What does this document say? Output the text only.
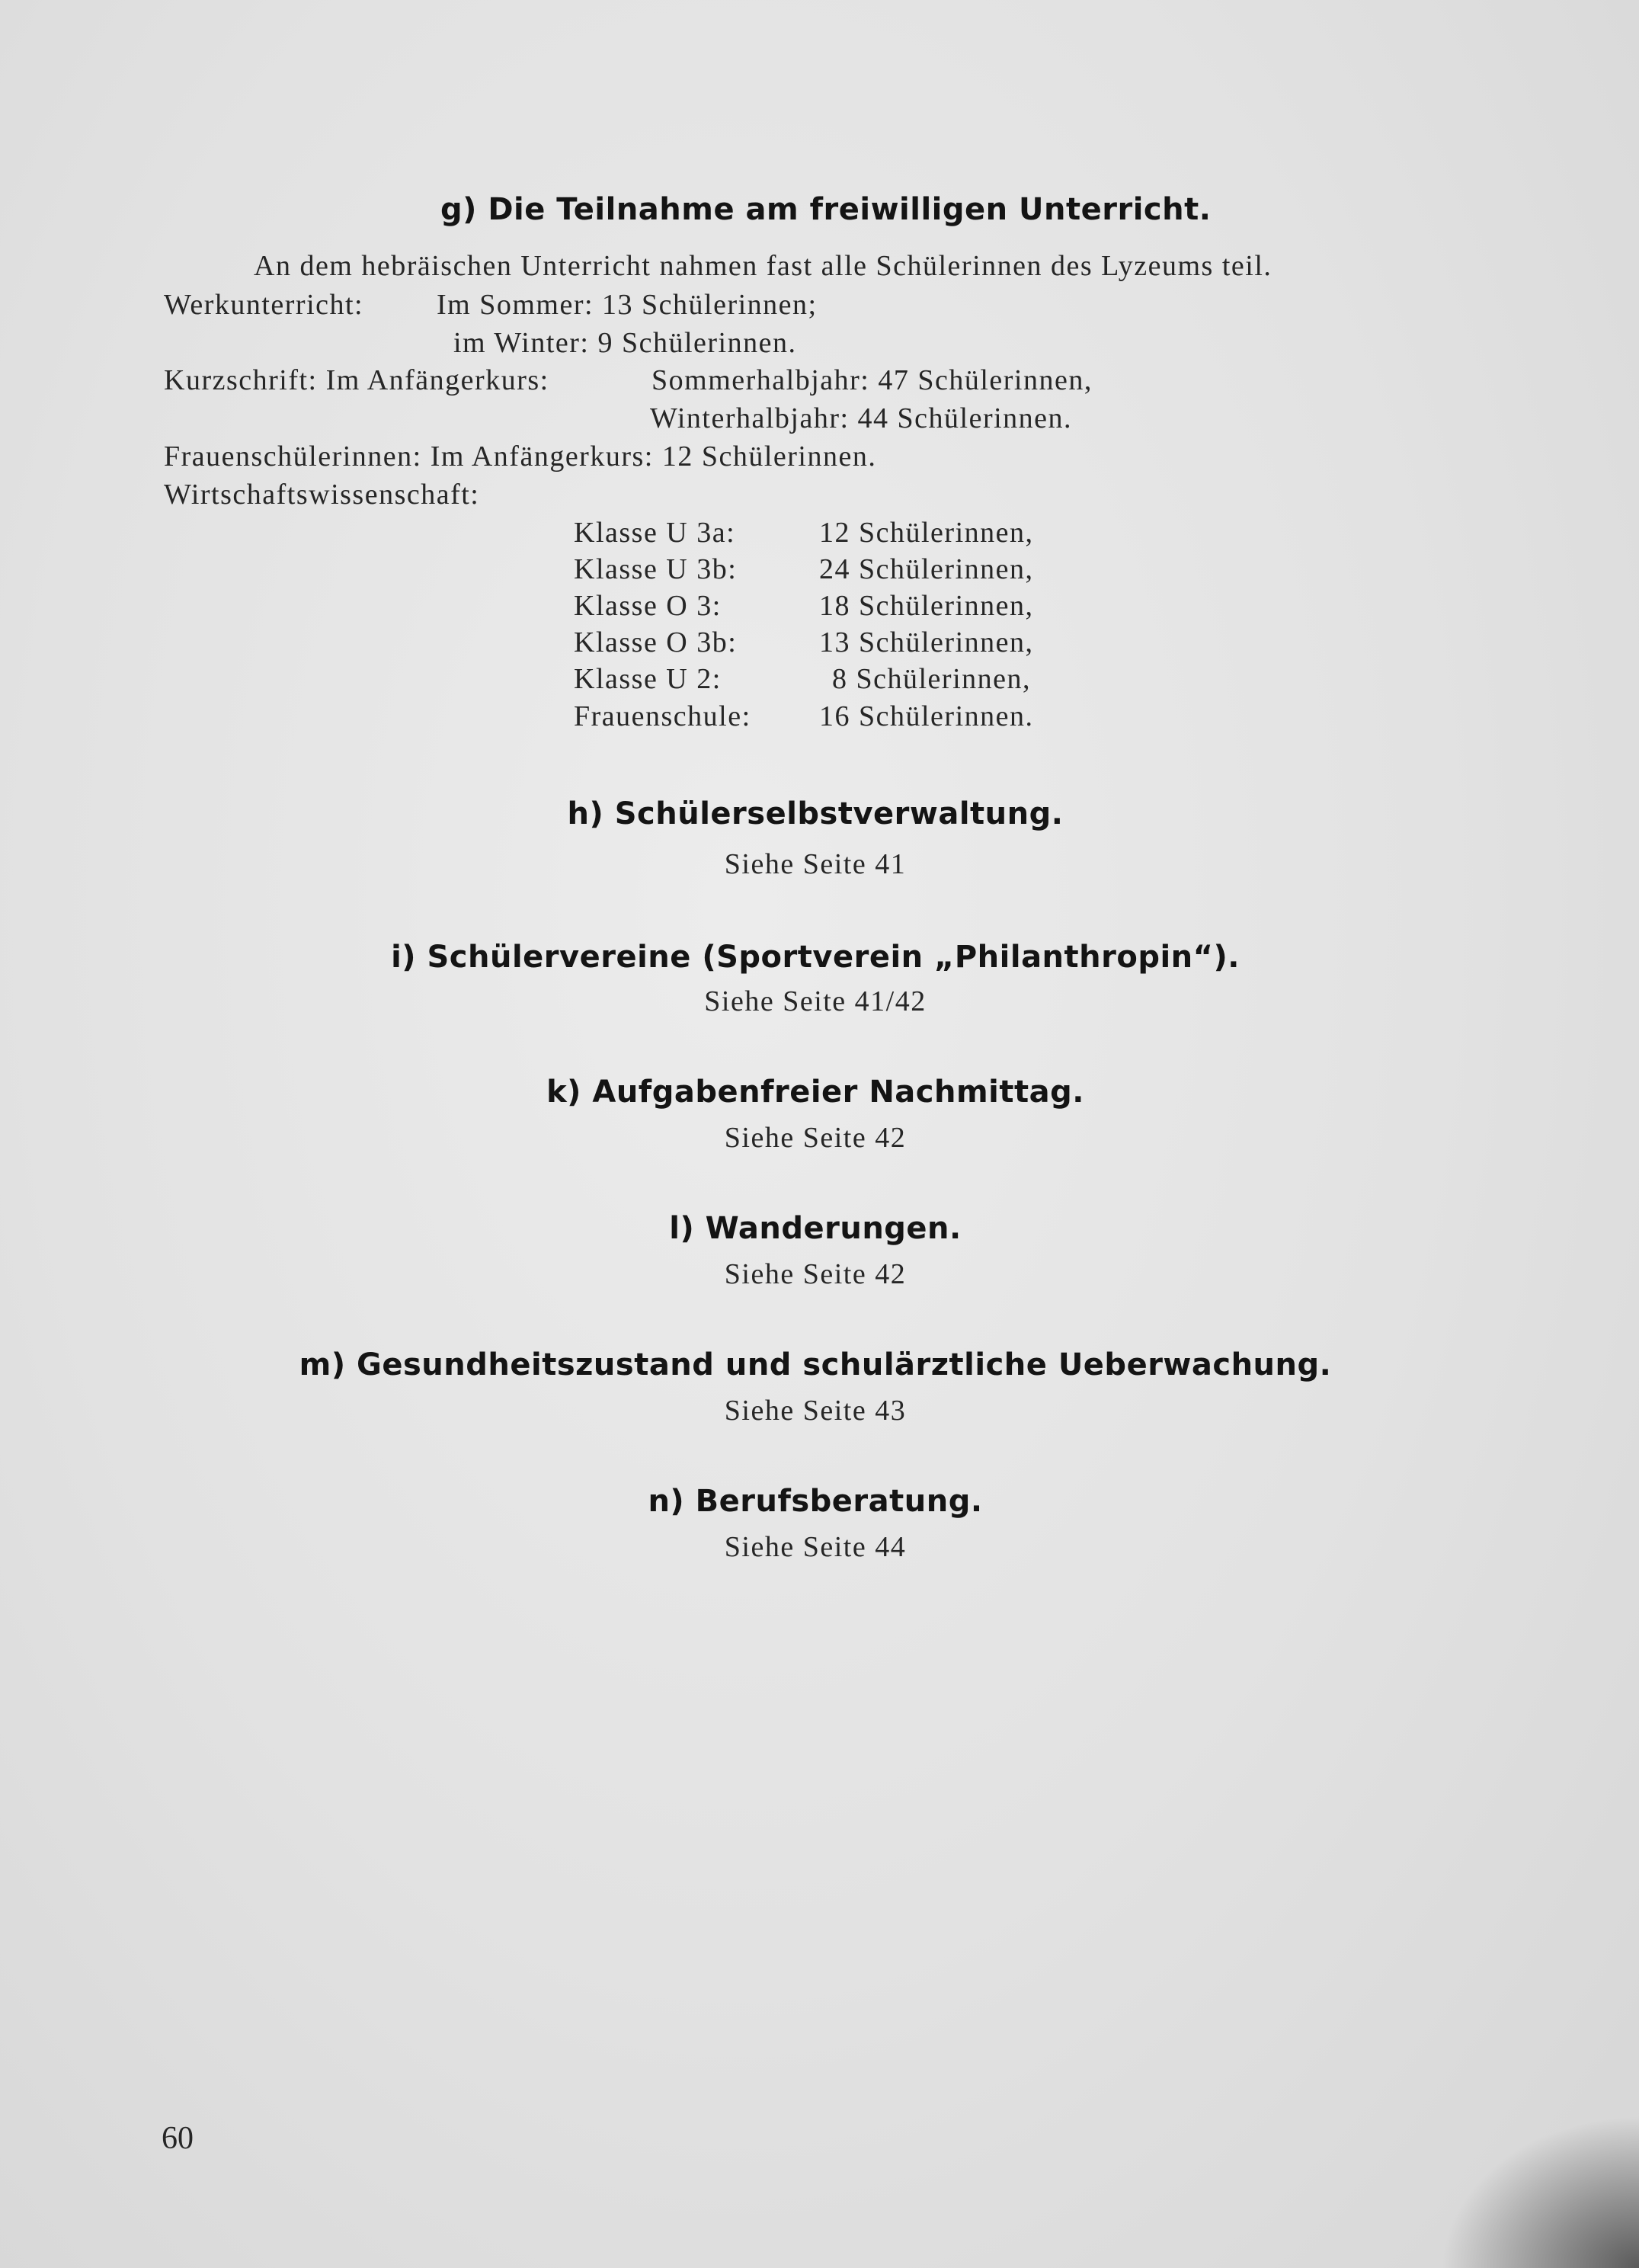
g) Die Teilnahme am freiwilligen Unterricht.
An dem hebräischen Unterricht nahmen fast alle Schülerinnen des Lyzeums teil.
Werkunterricht:	Im Sommer: 13 Schülerinnen;
im Winter: 9 Schülerinnen.
Kurzschrift: Im Anfängerkurs:	Sommerhalbjahr: 47 Schülerinnen,
Winterhalbjahr: 44 Schülerinnen.
Frauenschülerinnen: Im Anfängerkurs: 12 Schülerinnen.
Wirtschaftswissenschaft:
Klasse U 3a:	12 Schülerinnen,
Klasse U 3b:	24 Schülerinnen,
Klasse O 3:	18 Schülerinnen,
Klasse O 3b:	13 Schülerinnen,
Klasse U 2:	8 Schülerinnen,
Frauenschule: 16 Schülerinnen.
h) Schülerselbstverwaltung.
Siehe Seite 41
i) Schülervereine (Sportverein „Philanthropin“).
Siehe Seite 41/42
k) Aufgabenfreier Nachmittag.
Siehe Seite 42
l) Wanderungen.
Siehe Seite 42
m) Gesundheitszustand und schulärztliche Ueberwachung.
Siehe Seite 43
n) Berufsberatung.
Siehe Seite 44
60
